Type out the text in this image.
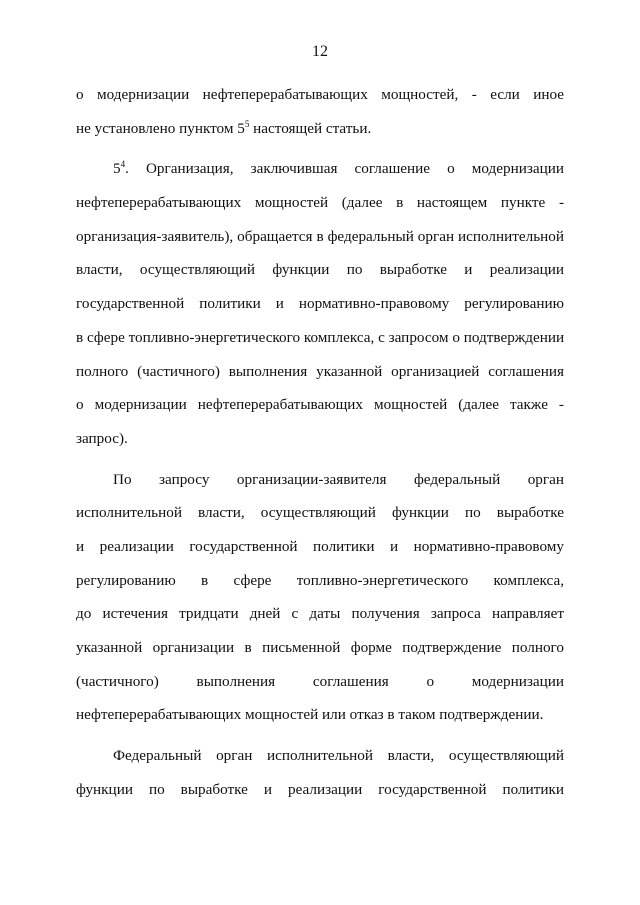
12
о модернизации нефтеперерабатывающих мощностей, - если иное
не установлено пунктом $5^5$ настоящей статьи.
$5^4$. Организация, заключившая соглашение о модернизации
нефтеперерабатывающих мощностей (далее в настоящем пункте -
организация-заявитель), обращается в федеральный орган исполнительной
власти, осуществляющий функции по выработке и реализации
государственной политики и нормативно-правовому регулированию
в сфере топливно-энергетического комплекса, с запросом о подтверждении
полного (частичного) выполнения указанной организацией соглашения
о модернизации нефтеперерабатывающих мощностей (далее также -
запрос).
По запросу организации-заявителя федеральный орган
исполнительной власти, осуществляющий функции по выработке
и реализации государственной политики и нормативно-правовому
регулированию в сфере топливно-энергетического комплекса,
до истечения тридцати дней с даты получения запроса направляет
указанной организации в письменной форме подтверждение полного
(частичного) выполнения соглашения о модернизации
нефтеперерабатывающих мощностей или отказ в таком подтверждении.
Федеральный орган исполнительной власти, осуществляющий
функции по выработке и реализации государственной политики
